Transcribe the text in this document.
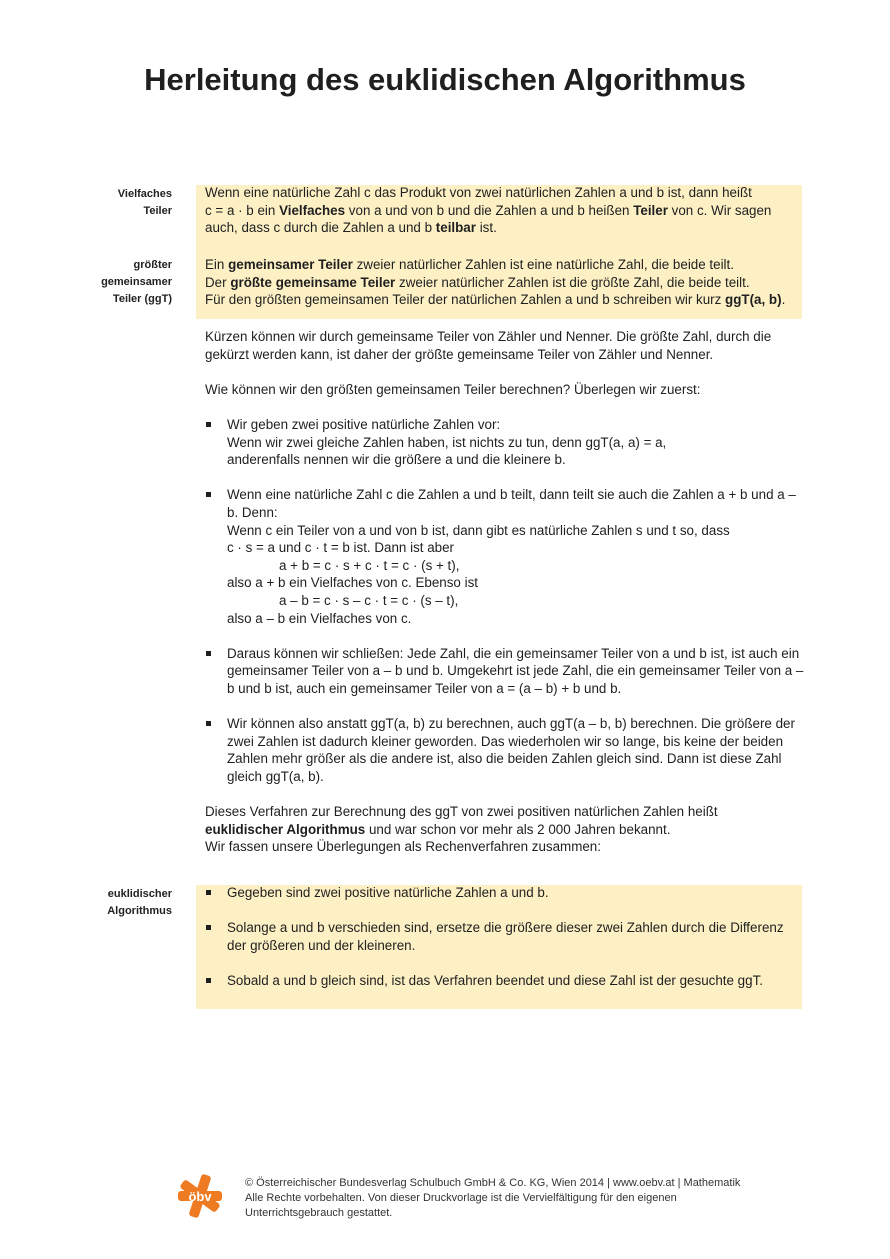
Herleitung des euklidischen Algorithmus
Vielfaches
Teiler
größter
gemeinsamer
Teiler (ggT)
euklidischer
Algorithmus

Wenn eine natürliche Zahl c das Produkt von zwei natürlichen Zahlen a und b ist, dann heißt
c = a · b ein Vielfaches von a und von b und die Zahlen a und b heißen Teiler von c. Wir sagen auch, dass c durch die Zahlen a und b teilbar ist.

Ein gemeinsamer Teiler zweier natürlicher Zahlen ist eine natürliche Zahl, die beide teilt.

Der größte gemeinsame Teiler zweier natürlicher Zahlen ist die größte Zahl, die beide teilt.

Für den größten gemeinsamen Teiler der natürlichen Zahlen a und b schreiben wir kurz ggT(a, b).

Kürzen können wir durch gemeinsame Teiler von Zähler und Nenner. Die größte Zahl, durch die gekürzt werden kann, ist daher der größte gemeinsame Teiler von Zähler und Nenner.

Wie können wir den größten gemeinsamen Teiler berechnen? Überlegen wir zuerst:

Wir geben zwei positive natürliche Zahlen vor:

Wenn wir zwei gleiche Zahlen haben, ist nichts zu tun, denn ggT(a, a) = a,

anderenfalls nennen wir die größere a und die kleinere b.

Wenn eine natürliche Zahl c die Zahlen a und b teilt, dann teilt sie auch die Zahlen a + b und a – b. Denn:

Wenn c ein Teiler von a und von b ist, dann gibt es natürliche Zahlen s und t so, dass

c · s = a und c · t = b ist. Dann ist aber

a + b = c · s + c · t = c · (s + t),

also a + b ein Vielfaches von c. Ebenso ist

a – b = c · s – c · t = c · (s – t),

also a – b ein Vielfaches von c.

Daraus können wir schließen: Jede Zahl, die ein gemeinsamer Teiler von a und b ist, ist auch ein gemeinsamer Teiler von a – b und b. Umgekehrt ist jede Zahl, die ein gemeinsamer Teiler von a – b und b ist, auch ein gemeinsamer Teiler von a = (a – b) + b und b.

Wir können also anstatt ggT(a, b) zu berechnen, auch ggT(a – b, b) berechnen. Die größere der zwei Zahlen ist dadurch kleiner geworden. Das wiederholen wir so lange, bis keine der beiden Zahlen mehr größer als die andere ist, also die beiden Zahlen gleich sind. Dann ist diese Zahl gleich ggT(a, b).

Dieses Verfahren zur Berechnung des ggT von zwei positiven natürlichen Zahlen heißt
euklidischer Algorithmus und war schon vor mehr als 2 000 Jahren bekannt.
Wir fassen unsere Überlegungen als Rechenverfahren zusammen:

Gegeben sind zwei positive natürliche Zahlen a und b.

Solange a und b verschieden sind, ersetze die größere dieser zwei Zahlen durch die Differenz der größeren und der kleineren.

Sobald a und b gleich sind, ist das Verfahren beendet und diese Zahl ist der gesuchte ggT.

öbv
© Österreichischer Bundesverlag Schulbuch GmbH & Co. KG, Wien 2014 | www.oebv.at | Mathematik
Alle Rechte vorbehalten. Von dieser Druckvorlage ist die Vervielfältigung für den eigenen
Unterrichtsgebrauch gestattet.
